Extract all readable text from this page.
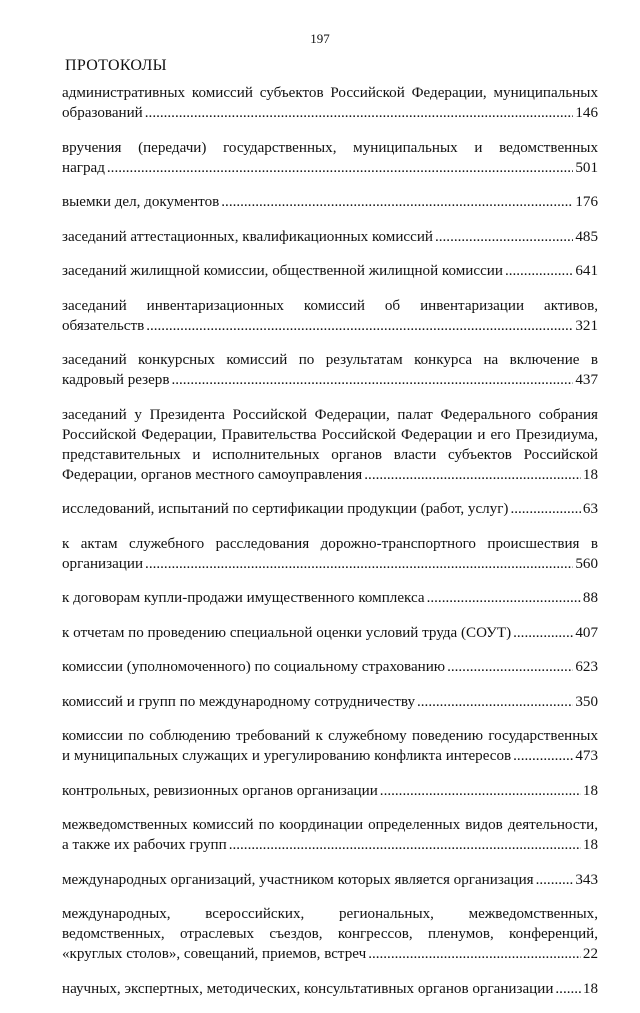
197
ПРОТОКОЛЫ
административных комиссий субъектов Российской Федерации, муниципальных
образований .....	146
вручения (передачи) государственных, муниципальных и ведомственных
наград .....	501
выемки дел, документов .....	176
заседаний аттестационных, квалификационных комиссий .....	485
заседаний жилищной комиссии, общественной жилищной комиссии .....	641
заседаний инвентаризационных комиссий об инвентаризации активов,
обязательств .....	321
заседаний конкурсных комиссий по результатам конкурса на включение в
кадровый резерв .....	437
заседаний у Президента Российской Федерации, палат Федерального собрания
Российской Федерации, Правительства Российской Федерации и его Президиума,
представительных и исполнительных органов власти субъектов Российской
Федерации, органов местного самоуправления .....	18
исследований, испытаний по сертификации продукции (работ, услуг) .....	63
к актам служебного расследования дорожно-транспортного происшествия в
организации .....	560
к договорам купли-продажи имущественного комплекса .....	88
к отчетам по проведению специальной оценки условий труда (СОУТ) .....	407
комиссии (уполномоченного) по социальному страхованию .....	623
комиссий и групп по международному сотрудничеству .....	350
комиссии по соблюдению требований к служебному поведению государственных
и муниципальных служащих и урегулированию конфликта интересов .....	473
контрольных, ревизионных органов организации .....	18
межведомственных комиссий по координации определенных видов деятельности,
а также их рабочих групп .....	18
международных организаций, участником которых является организация .....	343
международных, всероссийских, региональных, межведомственных,
ведомственных, отраслевых съездов, конгрессов, пленумов, конференций,
«круглых столов», совещаний, приемов, встреч .....	22
научных, экспертных, методических, консультативных органов организации ..... 18
